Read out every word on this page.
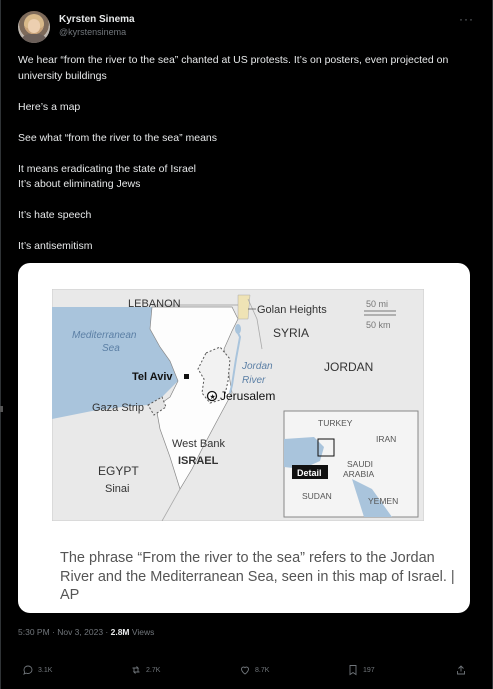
Kyrsten Sinema
@kyrstensinema
···

We hear “from the river to the sea” chanted at US protests. It’s on posters, even projected on university buildings

Here’s a map

See what “from the river to the sea” means

It means eradicating the state of Israel

It’s about eliminating Jews

It’s hate speech

It’s antisemitism

LEBANON	Golan Heights
SYRIA
Mediterranean
Sea
Jordan
River
JORDAN
Tel Aviv
★ Jerusalem
Gaza Strip
West Bank
ISRAEL
EGYPT
Sinai
50 mi
50 km
TURKEY
IRAN
SAUDI
ARABIA
SUDAN	YEMEN
Detail
The phrase “From the river to the sea” refers to the Jordan River and the Mediterranean Sea, seen in this map of Israel. | AP
5:30 PM · Nov 3, 2023 · 2.8M Views
3.1K	2.7K	8.7K	197
